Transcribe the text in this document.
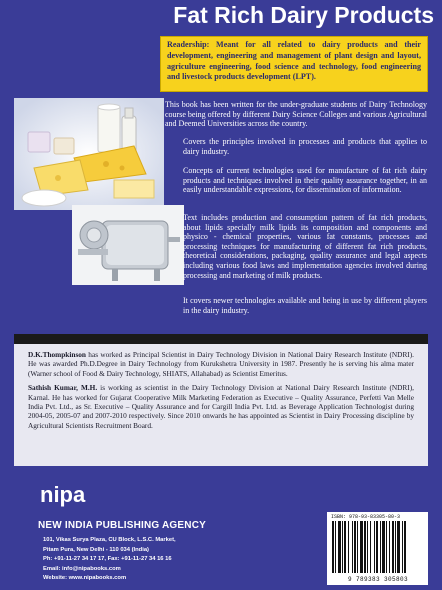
Fat Rich Dairy Products
Readership: Meant for all related to dairy products and their development, engineering and management of plant design and layout, agriculture engineering, food science and technology, food engineering and livestock products development (LPT).
This book has been written for the under-graduate students of Dairy Technology course being offered by different Dairy Science Colleges and various Agricultural and Deemed Universities across the country.
Covers the principles involved in processes and products that applies to dairy industry.
Concepts of current technologies used for manufacture of fat rich dairy products and techniques involved in their quality assurance together, in an easily understandable expressions, for dissemination of information.
Text includes production and consumption pattern of fat rich products, about lipids specially milk lipids its composition and components and physico - chemical properties, various fat constants, processes and processing techniques for manufacturing of different fat rich products, theoretical considerations, packaging, quality assurance and legal aspects including various food laws and implementation agencies involved during processing and marketing of milk products.
It covers newer technologies available and being in use by different players in the dairy industry.

D.K.Thompkinson has worked as Principal Scientist in Dairy Technology Division in National Dairy Research Institute (NDRI). He was awarded Ph.D.Degree in Dairy Technology from Kurukshetra University in 1987. Presently he is serving his alma mater (Warner school of Food & Dairy Technology, SHIATS, Allahabad) as Scientist Emeritus.

Sathish Kumar, M.H. is working as scientist in the Dairy Technology Division at National Dairy Research Institute (NDRI), Karnal. He has worked for Gujarat Cooperative Milk Marketing Federation as Executive – Quality Assurance, Perfetti Van Melle India Pvt. Ltd., as Sr. Executive – Quality Assurance and for Cargill India Pvt. Ltd. as Beverage Application Technologist during 2004-05, 2005-07 and 2007-2010 respectively. Since 2010 onwards he has appointed as Scientist in Dairy Processing discipline by Agricultural Scientists Recruitment Board.

nipa
NEW INDIA PUBLISHING AGENCY
101, Vikas Surya Plaza, CU Block, L.S.C. Market,
Pitam Pura, New Delhi - 110 034 (India)
Ph: +91-11-27 34 17 17, Fax: +91-11-27 34 16 16
Email: info@nipabooks.com
Website: www.nipabooks.com
ISBN: 978-93-83305-80-3
9 789383 305803
